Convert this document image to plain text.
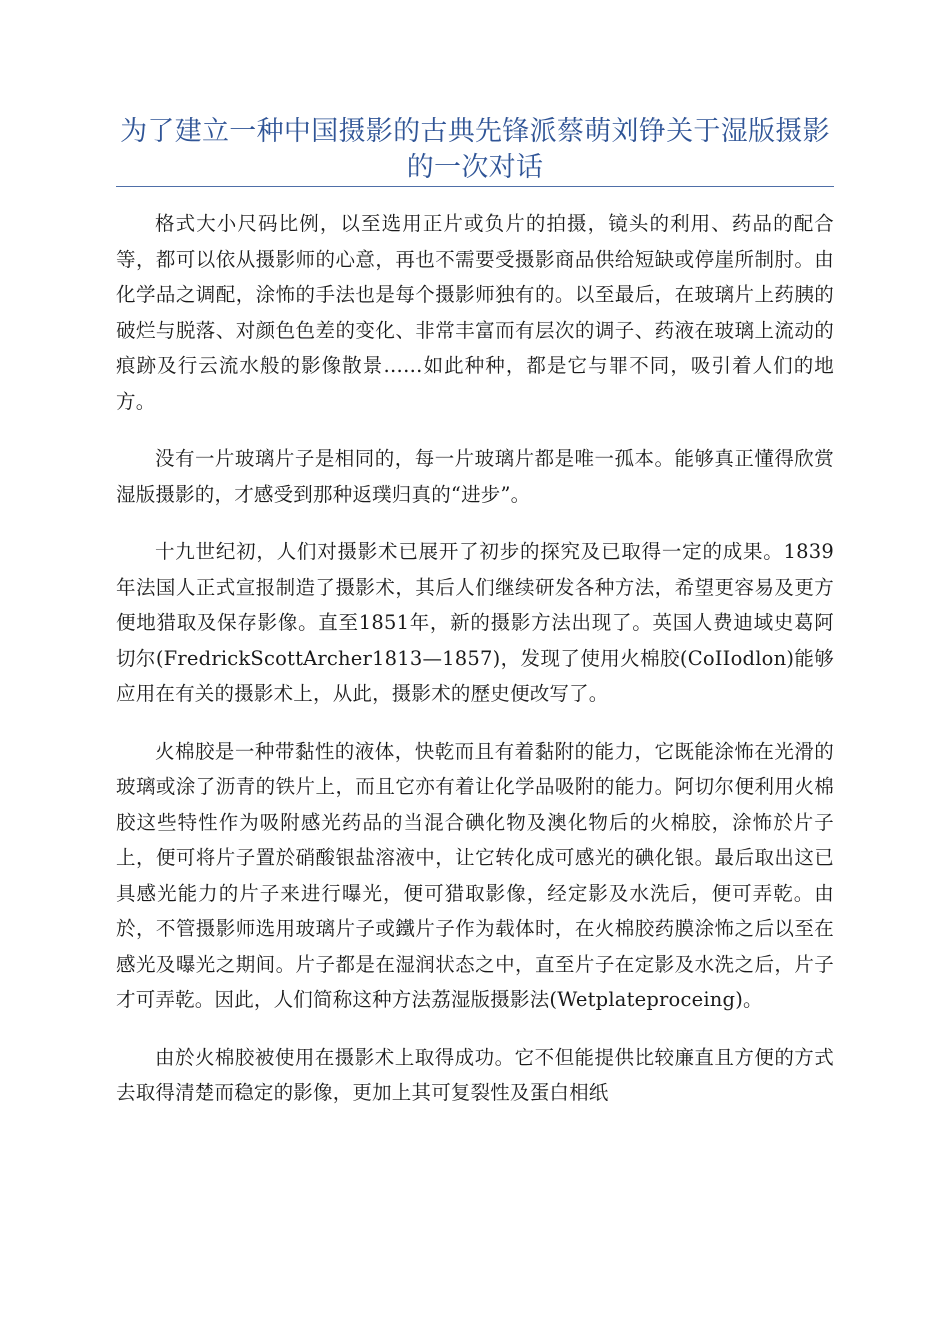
为了建立一种中国摄影的古典先锋派蔡萌刘铮关于湿版摄影的一次对话

格式大小尺码比例，以至选用正片或负片的拍摄，镜头的利用、药品的配合等，都可以依从摄影师的心意，再也不需要受摄影商品供给短缺或停崖所制肘。由化学品之调配，涂怖的手法也是每个摄影师独有的。以至最后，在玻璃片上药胰的破烂与脱落、对颜色色差的变化、非常丰富而有层次的调子、药液在玻璃上流动的痕跡及行云流水般的影像散景……如此种种，都是它与罪不同，吸引着人们的地方。

没有一片玻璃片子是相同的，每一片玻璃片都是唯一孤本。能够真正懂得欣赏湿版摄影的，才感受到那种返璞归真的“进步”。

十九世纪初，人们对摄影术已展开了初步的探究及已取得一定的成果。1839年法国人正式宣报制造了摄影术，其后人们继续研发各种方法，希望更容易及更方便地猎取及保存影像。直至1851年，新的摄影方法出现了。英国人费迪域史葛阿切尔(FredrickScottArcher1813—1857)，发现了使用火棉胶(CoIIodlon)能够应用在有关的摄影术上，从此，摄影术的歷史便改写了。

火棉胶是一种带黏性的液体，快乾而且有着黏附的能力，它既能涂怖在光滑的玻璃或涂了沥青的铁片上，而且它亦有着让化学品吸附的能力。阿切尔便利用火棉胶这些特性作为吸附感光药品的当混合碘化物及澳化物后的火棉胶，涂怖於片子上，便可将片子置於硝酸银盐溶液中，让它转化成可感光的碘化银。最后取出这已具感光能力的片子来进行曝光，便可猎取影像，经定影及水洗后，便可弄乾。由於，不管摄影师选用玻璃片子或鐵片子作为载体时，在火棉胶药膜涂怖之后以至在感光及曝光之期间。片子都是在湿润状态之中，直至片子在定影及水洗之后，片子才可弄乾。因此，人们简称这种方法荔湿版摄影法(Wetplateproceing)。

由於火棉胶被使用在摄影术上取得成功。它不但能提供比较廉直且方便的方式去取得清楚而稳定的影像，更加上其可复裂性及蛋白相纸
